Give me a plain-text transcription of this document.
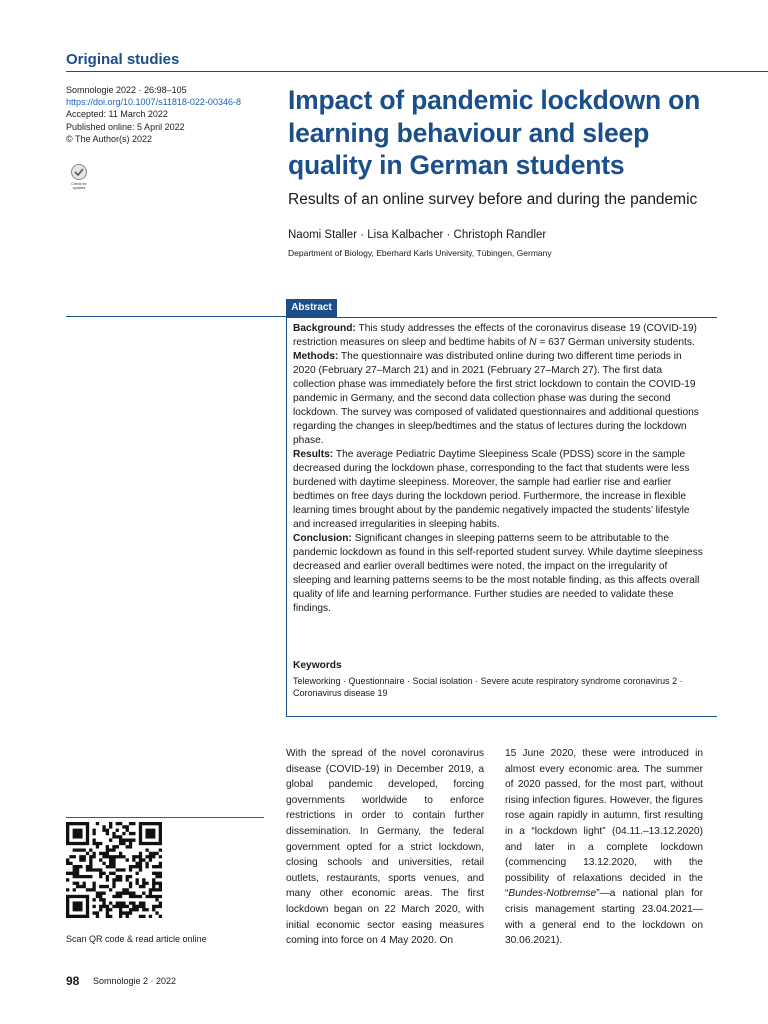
Original studies
Somnologie 2022 · 26:98–105
https://doi.org/10.1007/s11818-022-00346-8
Accepted: 11 March 2022
Published online: 5 April 2022
© The Author(s) 2022
Check for
updates
Impact of pandemic lockdown on learning behaviour and sleep quality in German students
Results of an online survey before and during the pandemic
Naomi Staller · Lisa Kalbacher · Christoph Randler
Department of Biology, Eberhard Karls University, Tübingen, Germany
Abstract

Background: This study addresses the effects of the coronavirus disease 19 (COVID-19) restriction measures on sleep and bedtime habits of N = 637 German university students.

Methods: The questionnaire was distributed online during two different time periods in 2020 (February 27–March 21) and in 2021 (February 27–March 27). The first data collection phase was immediately before the first strict lockdown to contain the COVID-19 pandemic in Germany, and the second data collection phase was during the second lockdown. The survey was composed of validated questionnaires and additional questions regarding the changes in sleep/bedtimes and the status of lectures during the lockdown phase.

Results: The average Pediatric Daytime Sleepiness Scale (PDSS) score in the sample decreased during the lockdown phase, corresponding to the fact that students were less burdened with daytime sleepiness. Moreover, the sample had earlier rise and earlier bedtimes on free days during the lockdown period. Furthermore, the increase in flexible learning times brought about by the pandemic negatively impacted the students’ lifestyle and increased irregularities in sleeping habits.

Conclusion: Significant changes in sleeping patterns seem to be attributable to the pandemic lockdown as found in this self-reported student survey. While daytime sleepiness decreased and earlier overall bedtimes were noted, the impact on the irregularity of sleeping and learning patterns seems to be the most notable finding, as this affects overall quality of life and learning performance. Further studies are needed to validate these findings.

Keywords
Teleworking · Questionnaire · Social isolation · Severe acute respiratory syndrome coronavirus 2 · Coronavirus disease 19
With the spread of the novel coronavirus disease (COVID-19) in December 2019, a global pandemic developed, forcing governments worldwide to enforce restrictions in order to contain further dissemination. In Germany, the federal government opted for a strict lockdown, closing schools and universities, retail outlets, restaurants, sports venues, and many other economic areas. The first lockdown began on 22 March 2020, with initial economic sector easing measures coming into force on 4 May 2020. On
15 June 2020, these were introduced in almost every economic area. The summer of 2020 passed, for the most part, without rising infection figures. However, the figures rose again rapidly in autumn, first resulting in a “lockdown light” (04.11.–13.12.2020) and later in a complete lockdown (commencing 13.12.2020, with the possibility of relaxations decided in the “Bundes-Notbremse”—a national plan for crisis management starting 23.04.2021—with a general end to the lockdown on 30.06.2021).
Scan QR code & read article online
98 Somnologie 2 · 2022
